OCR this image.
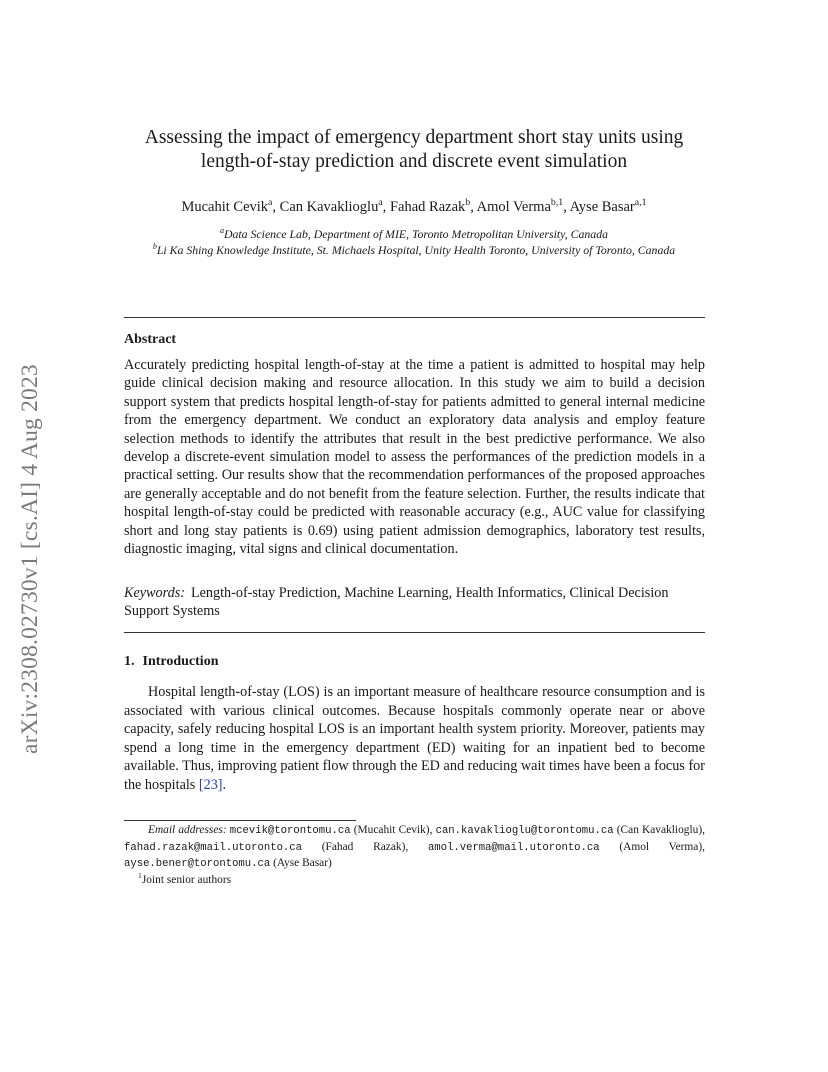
arXiv:2308.02730v1 [cs.AI] 4 Aug 2023
Assessing the impact of emergency department short stay units using
length-of-stay prediction and discrete event simulation
Mucahit Cevik$^a$, Can Kavaklioglu$^a$, Fahad Razak$^b$, Amol Verma$^{b,1}$, Ayse Basar$^{a,1}$
$^a$Data Science Lab, Department of MIE, Toronto Metropolitan University, Canada
$^b$Li Ka Shing Knowledge Institute, St. Michaels Hospital, Unity Health Toronto, University of Toronto, Canada
Abstract
Accurately predicting hospital length-of-stay at the time a patient is admitted to hospital may help guide clinical decision making and resource allocation. In this study we aim to build a decision support system that predicts hospital length-of-stay for patients admitted to general internal medicine from the emergency department. We conduct an exploratory data analysis and employ feature selection methods to identify the attributes that result in the best predictive performance. We also develop a discrete-event simulation model to assess the performances of the prediction models in a practical setting. Our results show that the recommendation performances of the proposed approaches are generally acceptable and do not benefit from the feature selection. Further, the results indicate that hospital length-of-stay could be predicted with reasonable accuracy (e.g., AUC value for classifying short and long stay patients is 0.69) using patient admission demographics, laboratory test results, diagnostic imaging, vital signs and clinical documentation.
Keywords: Length-of-stay Prediction, Machine Learning, Health Informatics, Clinical Decision Support Systems
1. Introduction
Hospital length-of-stay (LOS) is an important measure of healthcare resource consumption and is associated with various clinical outcomes. Because hospitals commonly operate near or above capacity, safely reducing hospital LOS is an important health system priority. Moreover, patients may spend a long time in the emergency department (ED) waiting for an inpatient bed to become available. Thus, improving patient flow through the ED and reducing wait times have been a focus for the hospitals [23].
Email addresses: mcevik@torontomu.ca (Mucahit Cevik), can.kavaklioglu@torontomu.ca (Can Kavaklioglu), fahad.razak@mail.utoronto.ca (Fahad Razak), amol.verma@mail.utoronto.ca (Amol Verma), ayse.bener@torontomu.ca (Ayse Basar)
$^1$Joint senior authors
